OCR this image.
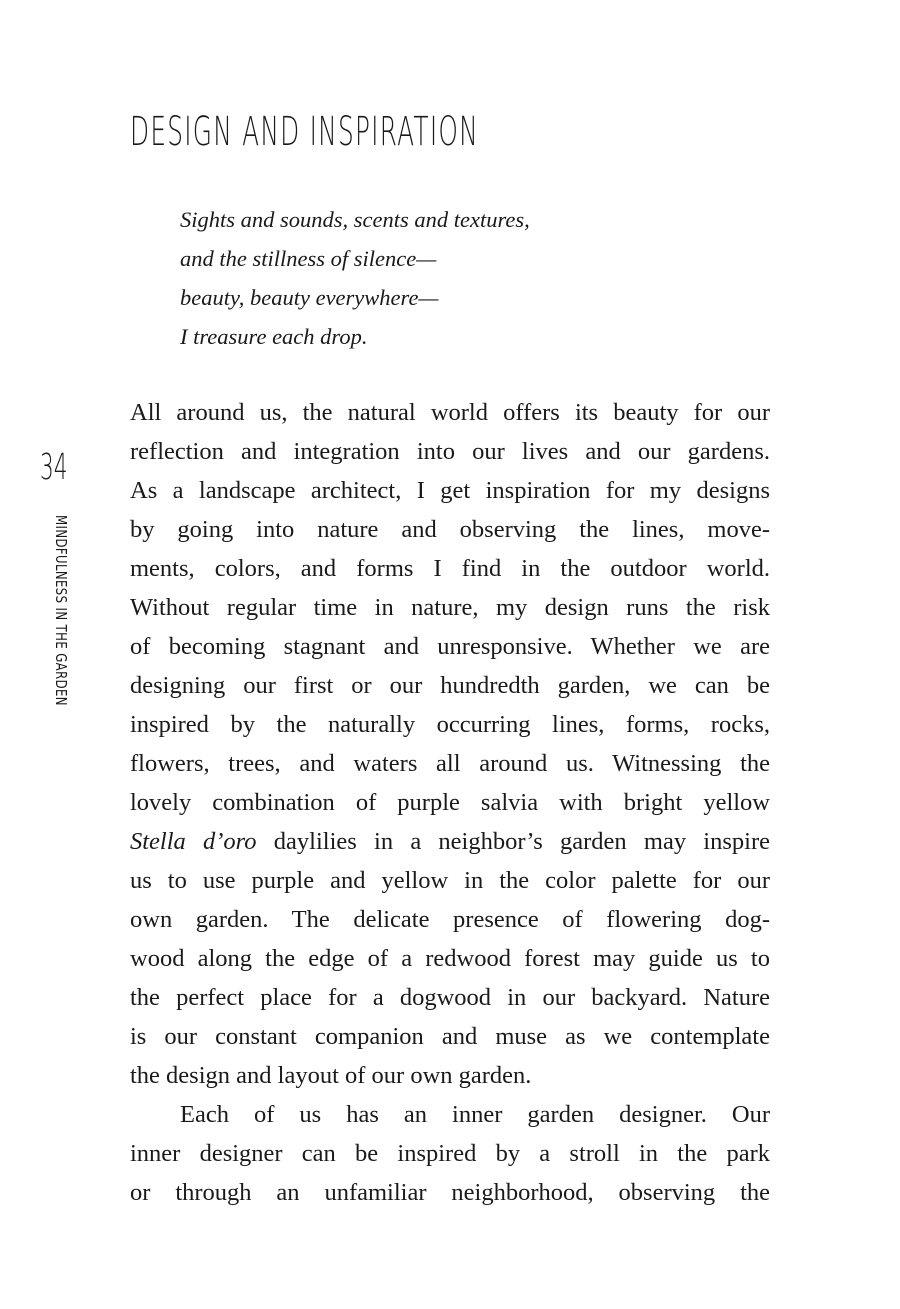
DESIGN AND INSPIRATION
Sights and sounds, scents and textures,
and the stillness of silence—
beauty, beauty everywhere—
I treasure each drop.
34
MINDFULNESS IN THE GARDEN

All around us, the natural world offers its beauty for our
reflection and integration into our lives and our gardens.
As a landscape architect, I get inspiration for my designs
by going into nature and observing the lines, move-
ments, colors, and forms I find in the outdoor world.
Without regular time in nature, my design runs the risk
of becoming stagnant and unresponsive. Whether we are
designing our first or our hundredth garden, we can be
inspired by the naturally occurring lines, forms, rocks,
flowers, trees, and waters all around us. Witnessing the
lovely combination of purple salvia with bright yellow
Stella d’oro daylilies in a neighbor’s garden may inspire
us to use purple and yellow in the color palette for our
own garden. The delicate presence of flowering dog-
wood along the edge of a redwood forest may guide us to
the perfect place for a dogwood in our backyard. Nature
is our constant companion and muse as we contemplate
the design and layout of our own garden.

Each of us has an inner garden designer. Our
inner designer can be inspired by a stroll in the park
or through an unfamiliar neighborhood, observing the
